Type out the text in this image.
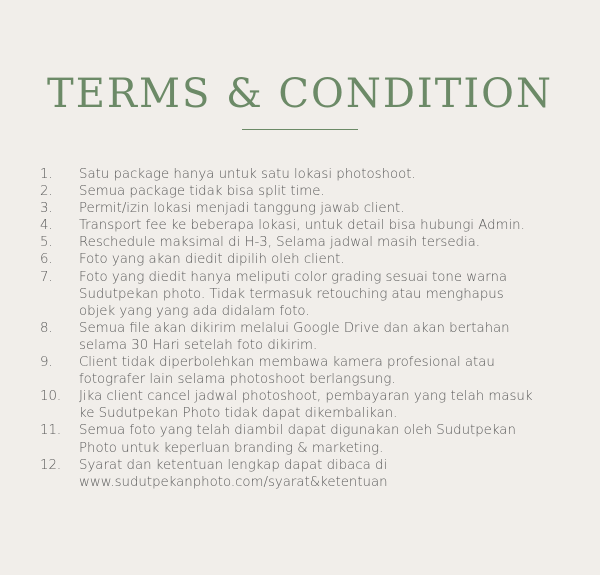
TERMS & CONDITION
1.	Satu package hanya untuk satu lokasi photoshoot.
2.	Semua package tidak bisa split time.
3.	Permit/izin lokasi menjadi tanggung jawab client.
4.	Transport fee ke beberapa lokasi, untuk detail bisa hubungi Admin.
5.	Reschedule maksimal di H-3, Selama jadwal masih tersedia.
6.	Foto yang akan diedit dipilih oleh client.
7.	Foto yang diedit hanya meliputi color grading sesuai tone warna
Sudutpekan photo. Tidak termasuk retouching atau menghapus
objek yang yang ada didalam foto.
8.	Semua file akan dikirim melalui Google Drive dan akan bertahan
selama 30 Hari setelah foto dikirim.
9.	Client tidak diperbolehkan membawa kamera profesional atau
fotografer lain selama photoshoot berlangsung.
10.	Jika client cancel jadwal photoshoot, pembayaran yang telah masuk
ke Sudutpekan Photo tidak dapat dikembalikan.
11.	Semua foto yang telah diambil dapat digunakan oleh Sudutpekan
Photo untuk keperluan branding & marketing.
12.	Syarat dan ketentuan lengkap dapat dibaca di
www.sudutpekanphoto.com/syarat&ketentuan
